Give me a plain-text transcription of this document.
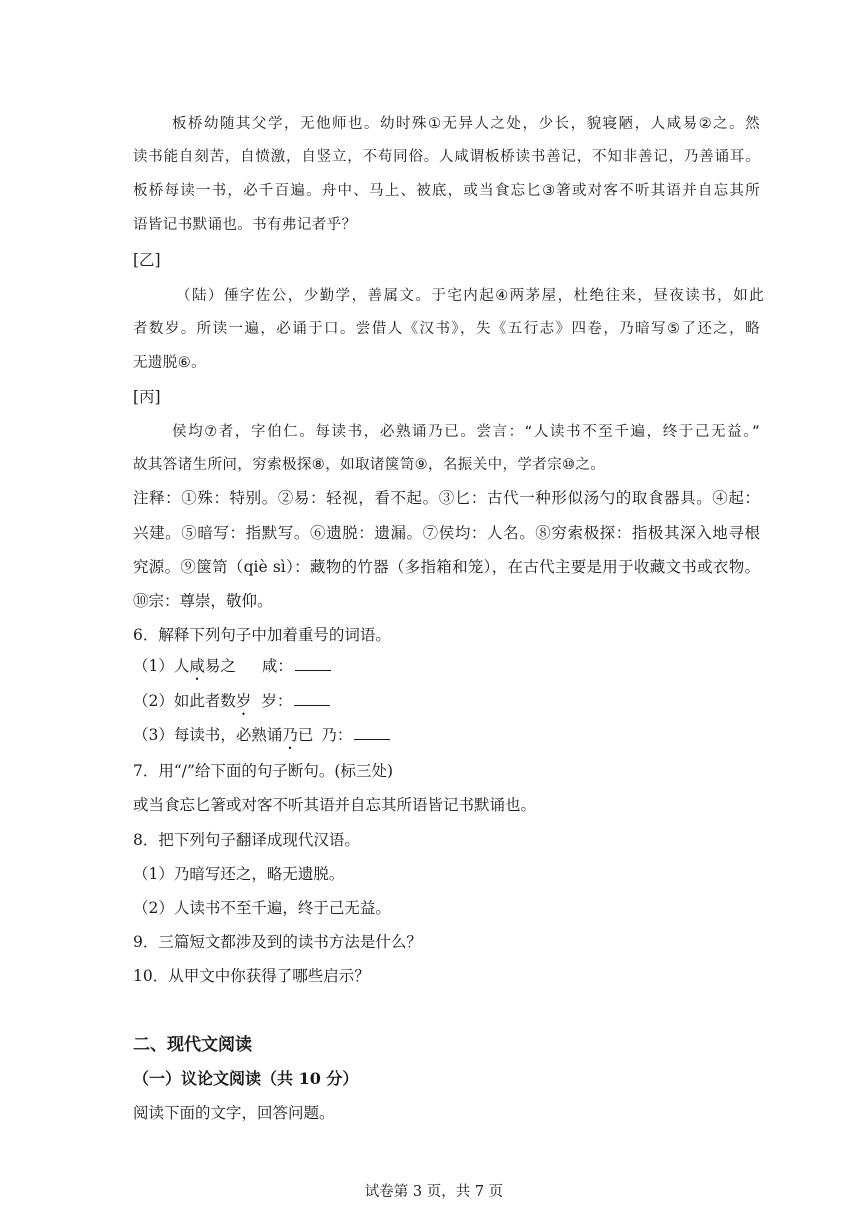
板桥幼随其父学，无他师也。幼时殊①无异人之处，少长，貌寝陋，人咸易②之。然
读书能自刻苦，自愤激，自竖立，不苟同俗。人咸谓板桥读书善记，不知非善记，乃善诵耳。
板桥每读一书，必千百遍。舟中、马上、被底，或当食忘匕③箸或对客不听其语并自忘其所
语皆记书默诵也。书有弗记者乎？
[乙]
（陆）倕字佐公，少勤学，善属文。于宅内起④两茅屋，杜绝往来，昼夜读书，如此
者数岁。所读一遍，必诵于口。尝借人《汉书》，失《五行志》四卷，乃暗写⑤了还之，略
无遗脱⑥。
[丙]
侯均⑦者，字伯仁。每读书，必熟诵乃已。尝言：“人读书不至千遍，终于己无益。”
故其答诸生所问，穷索极探⑧，如取诸箧笥⑨，名振关中，学者宗⑩之。
注释：①殊：特别。②易：轻视，看不起。③匕：古代一种形似汤勺的取食器具。④起：
兴建。⑤暗写：指默写。⑥遗脱：遗漏。⑦侯均：人名。⑧穷索极探：指极其深入地寻根
究源。⑨箧笥（qiè sì）：藏物的竹器（多指箱和笼），在古代主要是用于收藏文书或衣物。
⑩宗：尊崇，敬仰。
6．解释下列句子中加着重号的词语。
（1）人咸易之 咸：
（2）如此者数岁 岁：
（3）每读书，必熟诵乃已 乃：
7．用“/”给下面的句子断句。(标三处)
或当食忘匕箸或对客不听其语并自忘其所语皆记书默诵也。
8．把下列句子翻译成现代汉语。
（1）乃暗写还之，略无遗脱。
（2）人读书不至千遍，终于己无益。
9．三篇短文都涉及到的读书方法是什么？
10．从甲文中你获得了哪些启示？
二、现代文阅读
（一）议论文阅读（共 10 分）
阅读下面的文字，回答问题。
试卷第 3 页，共 7 页
